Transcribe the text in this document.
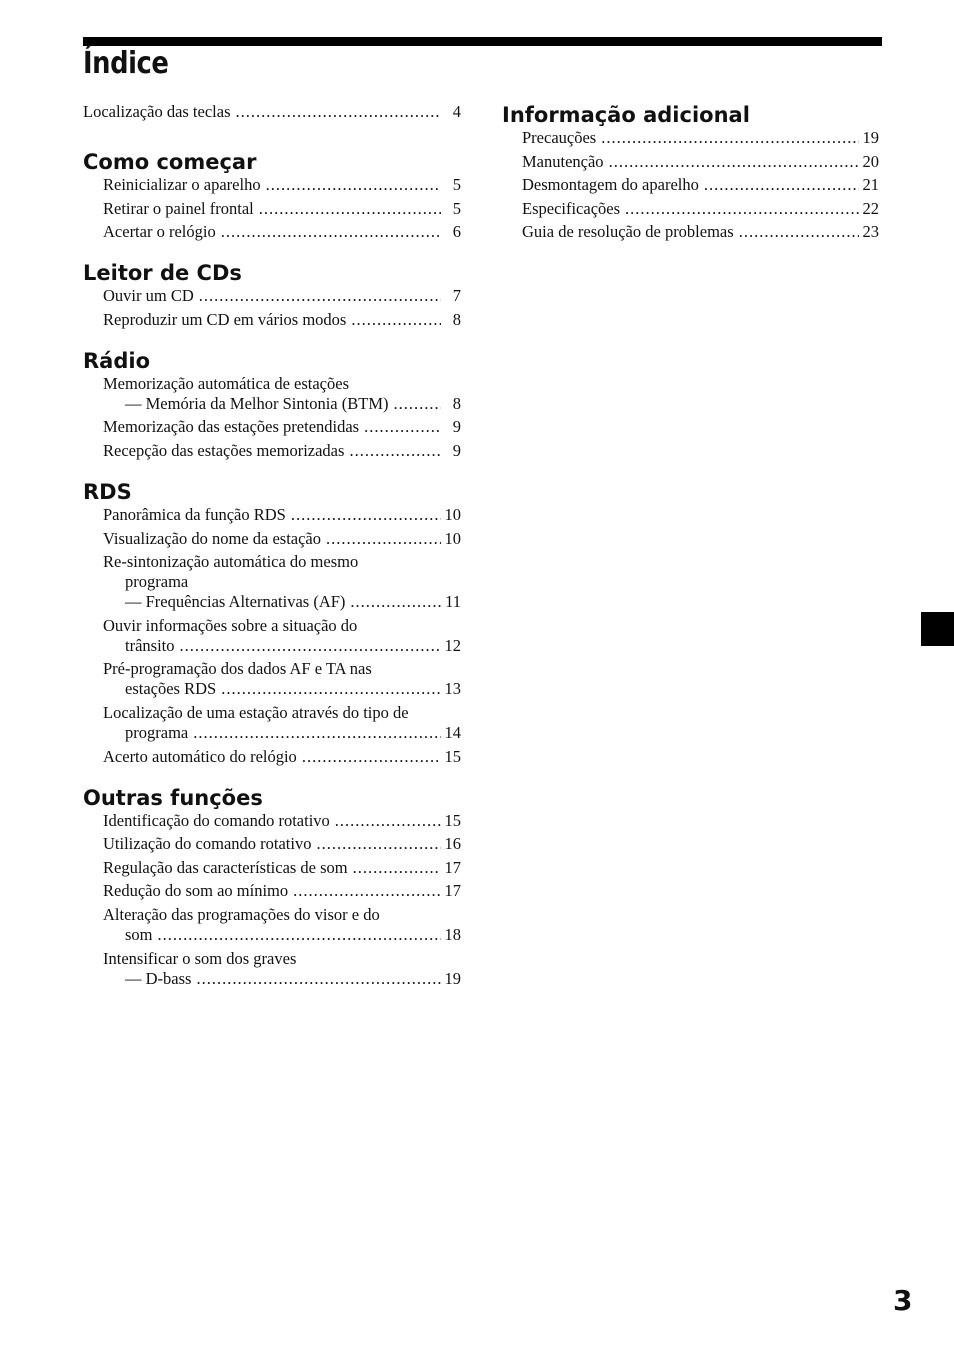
Índice
Localização das teclas .....	4
Como começar
Reinicializar o aparelho .....	5
Retirar o painel frontal .....	5
Acertar o relógio .....	6
Leitor de CDs
Ouvir um CD .....	7
Reproduzir um CD em vários modos .....	8
Rádio
Memorização automática de estações
— Memória da Melhor Sintonia (BTM) .....	8
Memorização das estações pretendidas .....	9
Recepção das estações memorizadas .....	9
RDS
Panorâmica da função RDS .....	10
Visualização do nome da estação .....	10
Re-sintonização automática do mesmo
programa
— Frequências Alternativas (AF) .....	11
Ouvir informações sobre a situação do
trânsito .....	12
Pré-programação dos dados AF e TA nas
estações RDS .....	13
Localização de uma estação através do tipo de
programa .....	14
Acerto automático do relógio .....	15
Outras funções
Identificação do comando rotativo .....	15
Utilização do comando rotativo .....	16
Regulação das características de som .....	17
Redução do som ao mínimo .....	17
Alteração das programações do visor e do
som .....	18
Intensificar o som dos graves
— D-bass .....	19
Informação adicional
Precauções .....	19
Manutenção .....	20
Desmontagem do aparelho .....	21
Especificações .....	22
Guia de resolução de problemas .....	23
3
